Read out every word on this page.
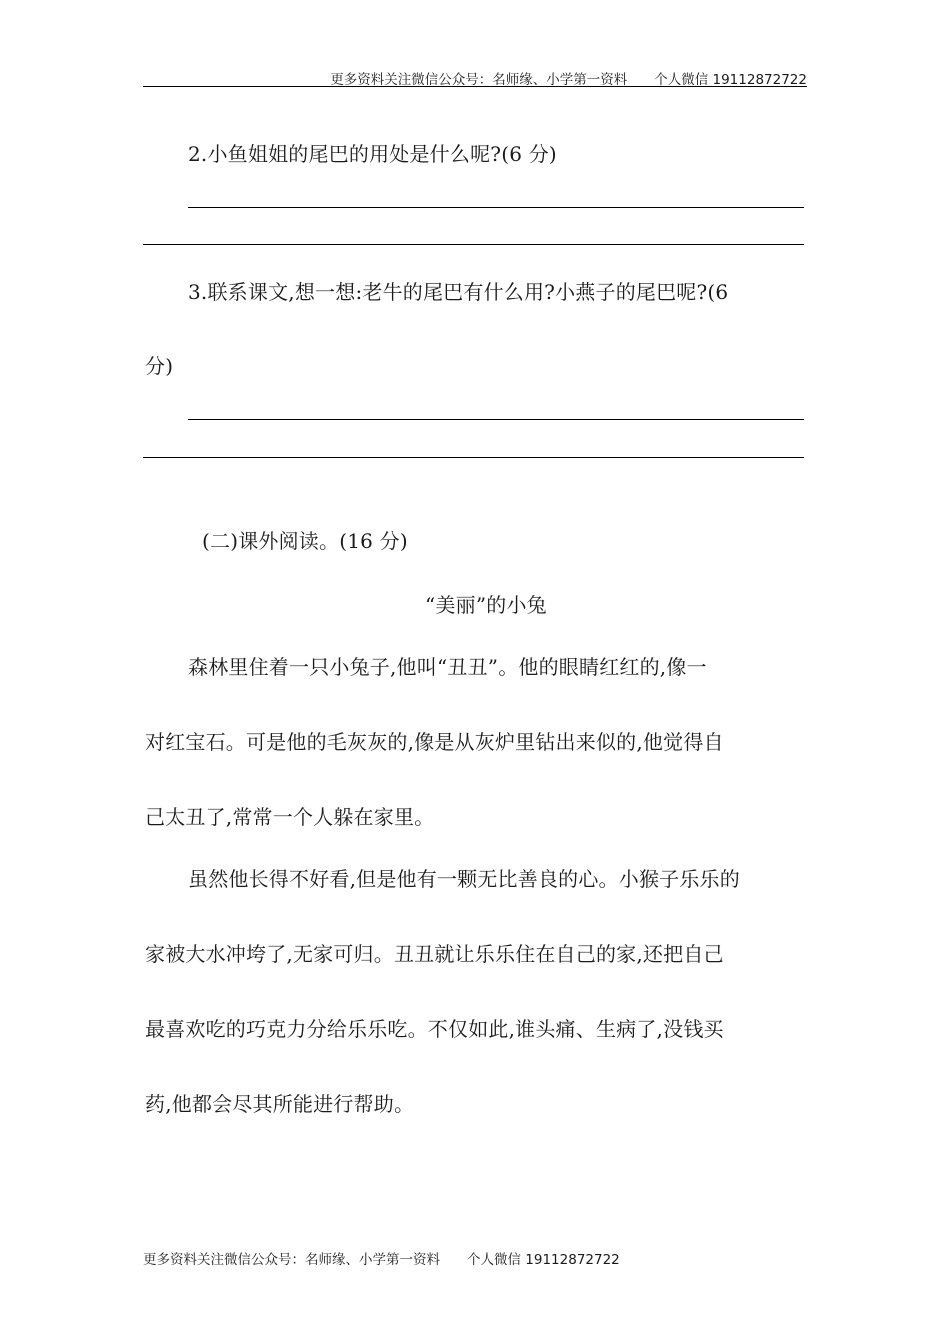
更多资料关注微信公众号：名师缘、小学第一资料　　个人微信 19112872722
2.小鱼姐姐的尾巴的用处是什么呢?(6 分)
3.联系课文,想一想:老牛的尾巴有什么用?小燕子的尾巴呢?(6
分)
(二)课外阅读。(16 分)
“美丽”的小兔
森林里住着一只小兔子,他叫“丑丑”。他的眼睛红红的,像一
对红宝石。可是他的毛灰灰的,像是从灰炉里钻出来似的,他觉得自
己太丑了,常常一个人躲在家里。
虽然他长得不好看,但是他有一颗无比善良的心。小猴子乐乐的
家被大水冲垮了,无家可归。丑丑就让乐乐住在自己的家,还把自己
最喜欢吃的巧克力分给乐乐吃。不仅如此,谁头痛、生病了,没钱买
药,他都会尽其所能进行帮助。
更多资料关注微信公众号：名师缘、小学第一资料　　个人微信 19112872722
